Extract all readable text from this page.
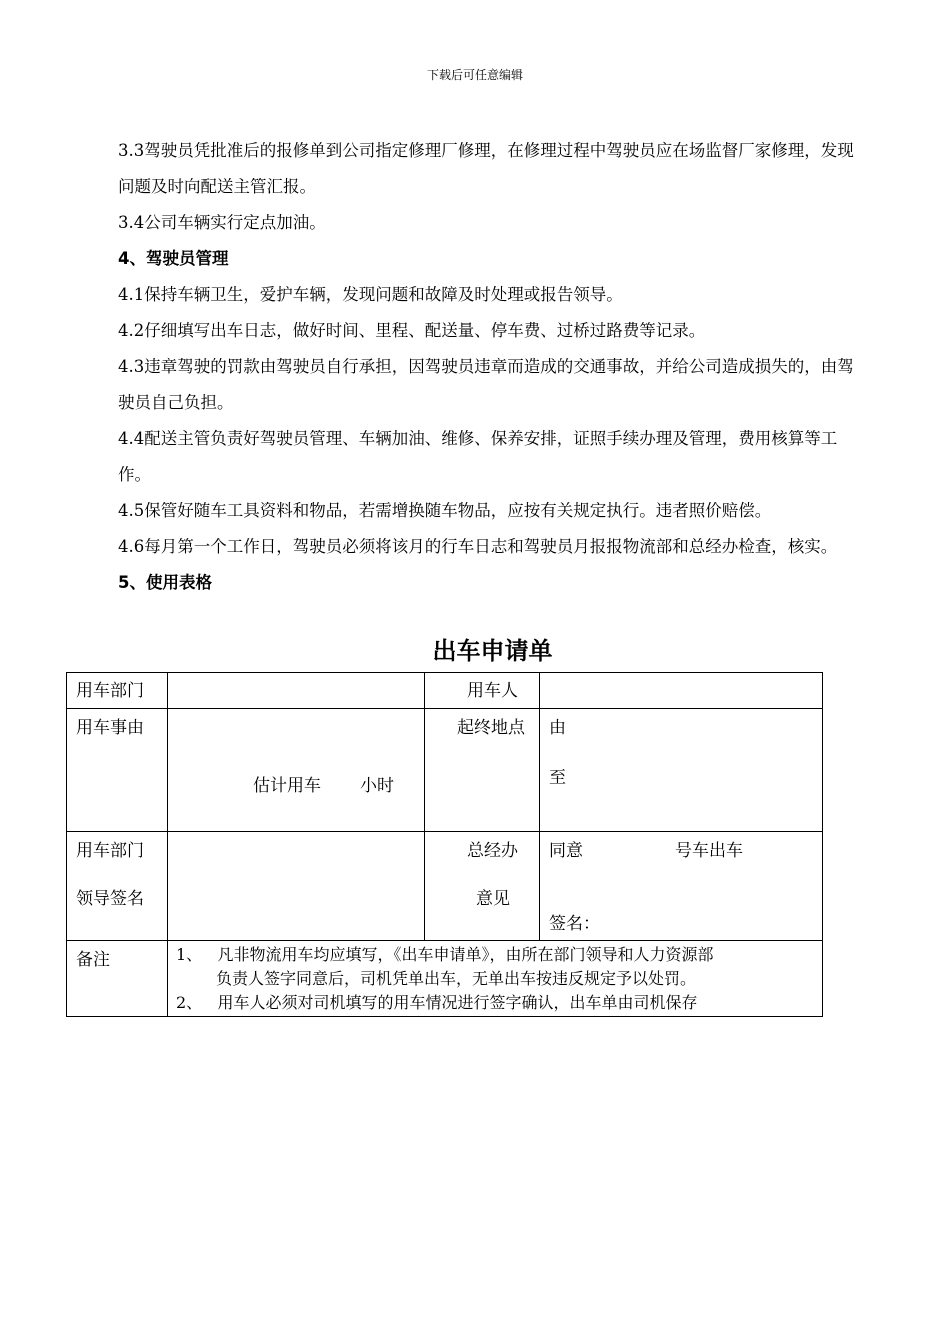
下载后可任意编辑

3.3驾驶员凭批准后的报修单到公司指定修理厂修理，在修理过程中驾驶员应在场监督厂家修理，发现问题及时向配送主管汇报。

3.4公司车辆实行定点加油。

4、驾驶员管理

4.1保持车辆卫生，爱护车辆，发现问题和故障及时处理或报告领导。

4.2仔细填写出车日志，做好时间、里程、配送量、停车费、过桥过路费等记录。

4.3违章驾驶的罚款由驾驶员自行承担，因驾驶员违章而造成的交通事故，并给公司造成损失的，由驾驶员自己负担。

4.4配送主管负责好驾驶员管理、车辆加油、维修、保养安排，证照手续办理及管理，费用核算等工作。

4.5保管好随车工具资料和物品，若需增换随车物品，应按有关规定执行。违者照价赔偿。

4.6每月第一个工作日，驾驶员必须将该月的行车日志和驾驶员月报报物流部和总经办检查，核实。

5、使用表格

出车申请单
用车部门		用车人	

用车事由	估计用车 小时	起终地点	由
至

用车部门
领导签名		总经办
意见	同意 号车出车
签名：

备注	1、 凡非物流用车均应填写，《出车申请单》，由所在部门领导和人力资源部

负责人签字同意后，司机凭单出车，无单出车按违反规定予以处罚。

2、 用车人必须对司机填写的用车情况进行签字确认，出车单由司机保存		
